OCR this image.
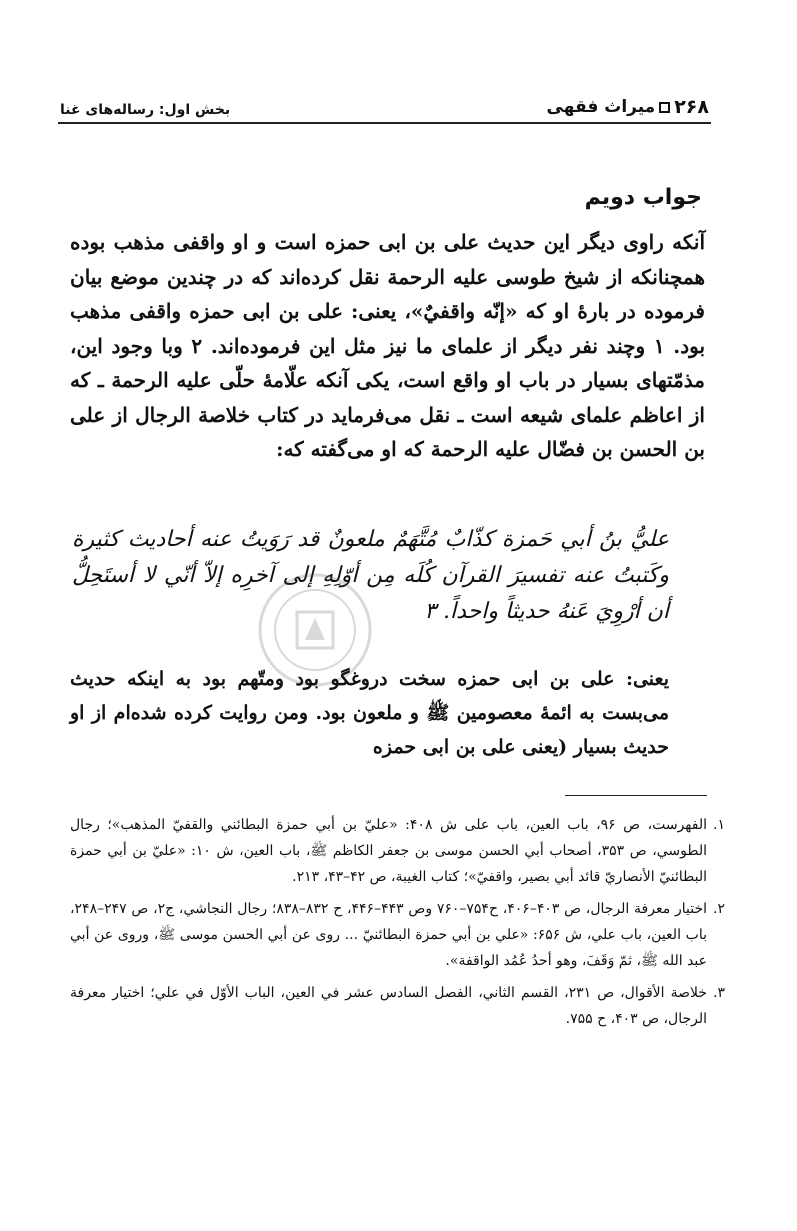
۲۶۸
میراث فقهی
بخش اول: رساله‌های غنا
جواب دویم

آنکه راوی دیگر این حدیث علی بن ابی حمزه است و او واقفی مذهب بوده همچنانکه از شیخ طوسی علیه الرحمة نقل کرده‌اند که در چندین موضع بیان فرموده در بارهٔ او که «إنّه واقفيٌ»، یعنی: علی بن ابی حمزه واقفی مذهب بود. ۱ وچند نفر دیگر از علمای ما نیز مثل این فرموده‌اند. ۲ وبا وجود این، مذمّتهای بسیار در باب او واقع است، یکی آنکه علّامهٔ حلّی علیه الرحمة ـ که از اعاظم علمای شیعه است ـ نقل می‌فرماید در کتاب خلاصة الرجال از علی بن الحسن بن فضّال علیه الرحمة که او می‌گفته که:

عليُّ بنُ أبي حَمزة كذّابٌ مُتَّهَمٌ ملعونٌ قد رَوَيتُ عنه أحاديث كثيرة وكَتبتُ عنه تفسيرَ القرآن كُلَه مِن أوّلِهِ إلى آخرِه إلاّ أنّي لا أستَحِلُّ أن أرْوِيَ عَنهُ حديثاً واحداً. ۳

یعنی: علی بن ابی حمزه سخت دروغگو بود ومتّهم بود به اینکه حدیث می‌بست به ائمهٔ معصومین ﷺ و ملعون بود. ومن روایت کرده شده‌ام از او حدیث بسیار (یعنی علی بن ابی حمزه

۱.
الفهرست، ص ۹۶، باب العین، باب علی ش ۴۰۸: «عليّ بن أبي حمزة البطائني والقفيّ المذهب»؛ رجال الطوسي، ص ۳۵۳، أصحاب أبي الحسن موسى بن جعفر الكاظم ﷺ، باب العين، ش ۱۰: «عليّ بن أبي حمزة البطائنيّ الأنصاريّ قائد أبي بصير، واقفيّ»؛ كتاب الغيبة، ص ۴۲–۴۳، ۲۱۳.
۲.
اختيار معرفة الرجال، ص ۴۰۳–۴۰۶، ح۷۵۴–۷۶۰ وص ۴۴۳–۴۴۶، ح ۸۳۲–۸۳۸؛ رجال النجاشي، ج۲، ص ۲۴۷–۲۴۸، باب العين، باب علي، ش ۶۵۶: «علي بن أبي حمزة البطائنيّ ... روى عن أبي الحسن موسى ﷺ، وروى عن أبي عبد الله ﷺ، ثمّ وَقَفَ، وهو أحدُ عُمُد الواقفة».
۳.
خلاصة الأقوال، ص ۲۳۱، القسم الثاني، الفصل السادس عشر في العين، الباب الأوّل في علي؛ اختيار معرفة الرجال، ص ۴۰۳، ح ۷۵۵.
